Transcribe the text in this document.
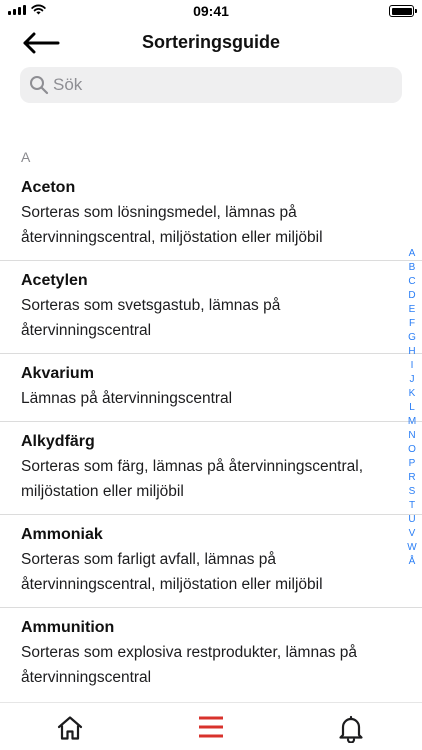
09:41
Sorteringsguide
Sök
A
Aceton
Sorteras som lösningsmedel, lämnas på återvinningscentral, miljöstation eller miljöbil
Acetylen
Sorteras som svetsgastub, lämnas på återvinningscentral
Akvarium
Lämnas på återvinningscentral
Alkydfärg
Sorteras som färg, lämnas på återvinningscentral, miljöstation eller miljöbil
Ammoniak
Sorteras som farligt avfall, lämnas på återvinningscentral, miljöstation eller miljöbil
Ammunition
Sorteras som explosiva restprodukter, lämnas på återvinningscentral
A
B
C
D
E
F
G
H
I
J
K
L
M
N
O
P
R
S
T
U
V
W
Å
